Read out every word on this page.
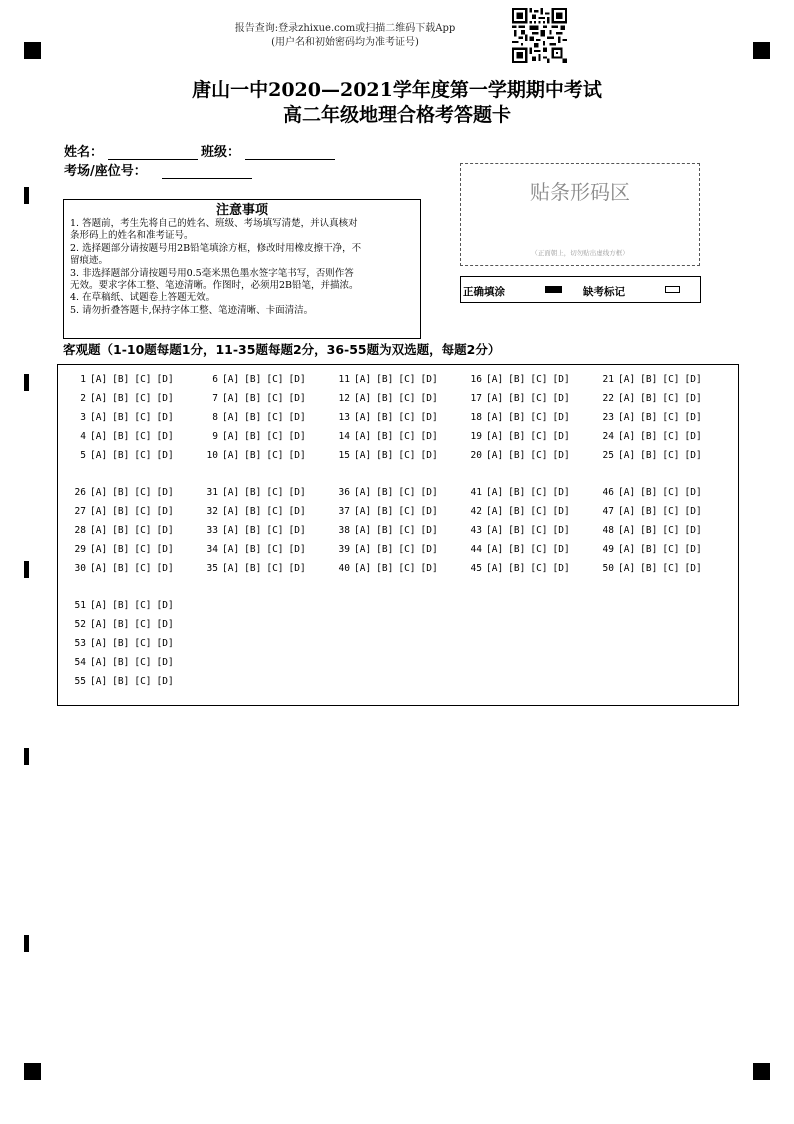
报告查询:登录zhixue.com或扫描二维码下载App
(用户名和初始密码均为准考证号)
唐山一中2020—2021学年度第一学期期中考试
高二年级地理合格考答题卡
姓名：	班级：
考场/座位号：
注意事项
1. 答题前，考生先将自己的姓名、班级、考场填写清楚，并认真核对
条形码上的姓名和准考证号。
2. 选择题部分请按题号用2B铅笔填涂方框，修改时用橡皮擦干净，不
留痕迹。
3. 非选择题部分请按题号用0.5毫米黑色墨水签字笔书写，否则作答
无效。要求字体工整、笔迹清晰。作图时，必须用2B铅笔，并描浓。
4. 在草稿纸、试题卷上答题无效。
5. 请勿折叠答题卡,保持字体工整、笔迹清晰、卡面清洁。
贴条形码区
（正面朝上，切勿贴出虚线方框）
正确填涂	缺考标记
客观题（1-10题每题1分，11-35题每题2分，36-55题为双选题，每题2分）
1 [A] [B] [C] [D]
2 [A] [B] [C] [D]
3 [A] [B] [C] [D]
4 [A] [B] [C] [D]
5 [A] [B] [C] [D]
6 [A] [B] [C] [D]
7 [A] [B] [C] [D]
8 [A] [B] [C] [D]
9 [A] [B] [C] [D]
10 [A] [B] [C] [D]
11 [A] [B] [C] [D]
12 [A] [B] [C] [D]
13 [A] [B] [C] [D]
14 [A] [B] [C] [D]
15 [A] [B] [C] [D]
16 [A] [B] [C] [D]
17 [A] [B] [C] [D]
18 [A] [B] [C] [D]
19 [A] [B] [C] [D]
20 [A] [B] [C] [D]
21 [A] [B] [C] [D]
22 [A] [B] [C] [D]
23 [A] [B] [C] [D]
24 [A] [B] [C] [D]
25 [A] [B] [C] [D]
26 [A] [B] [C] [D]
27 [A] [B] [C] [D]
28 [A] [B] [C] [D]
29 [A] [B] [C] [D]
30 [A] [B] [C] [D]
31 [A] [B] [C] [D]
32 [A] [B] [C] [D]
33 [A] [B] [C] [D]
34 [A] [B] [C] [D]
35 [A] [B] [C] [D]
36 [A] [B] [C] [D]
37 [A] [B] [C] [D]
38 [A] [B] [C] [D]
39 [A] [B] [C] [D]
40 [A] [B] [C] [D]
41 [A] [B] [C] [D]
42 [A] [B] [C] [D]
43 [A] [B] [C] [D]
44 [A] [B] [C] [D]
45 [A] [B] [C] [D]
46 [A] [B] [C] [D]
47 [A] [B] [C] [D]
48 [A] [B] [C] [D]
49 [A] [B] [C] [D]
50 [A] [B] [C] [D]
51 [A] [B] [C] [D]
52 [A] [B] [C] [D]
53 [A] [B] [C] [D]
54 [A] [B] [C] [D]
55 [A] [B] [C] [D]
